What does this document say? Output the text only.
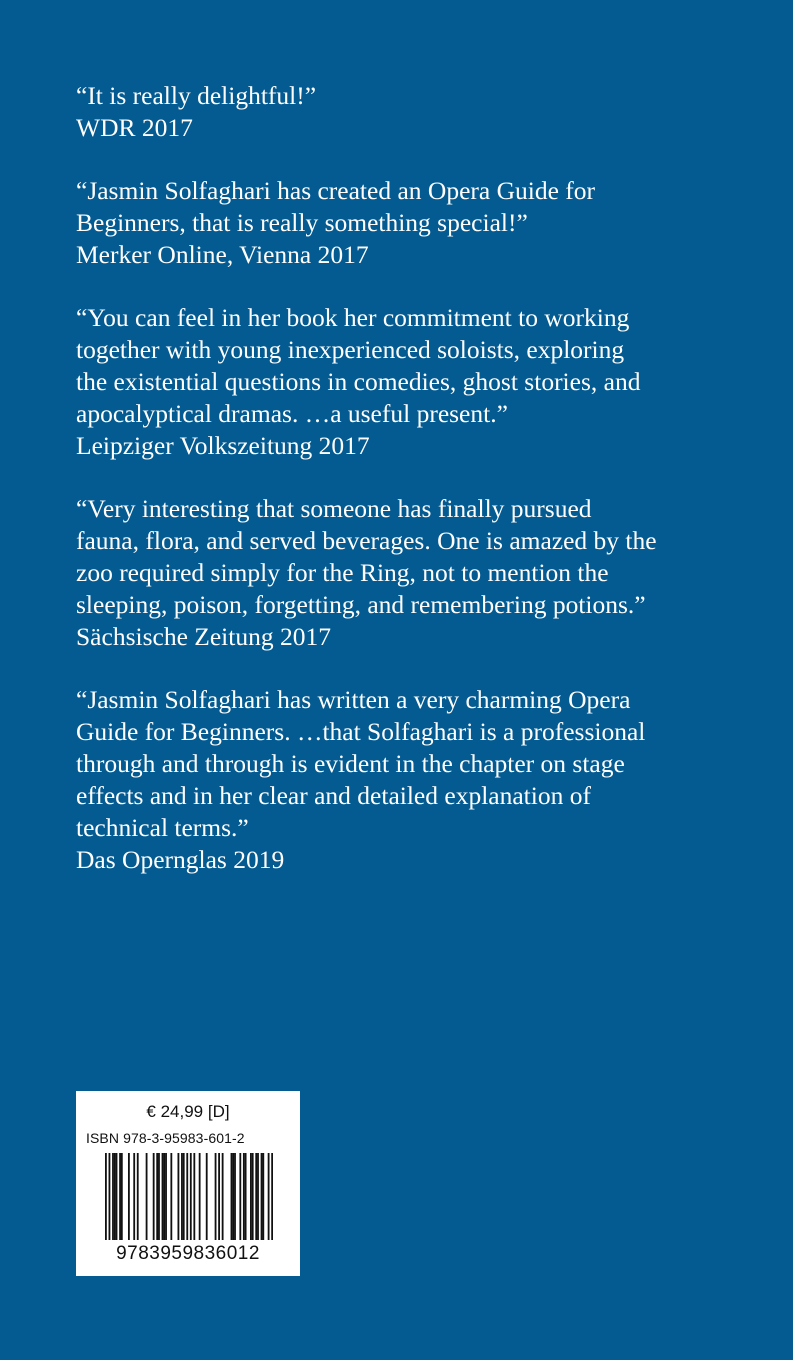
“It is really delightful!”
WDR 2017
“Jasmin Solfaghari has created an Opera Guide for
Beginners, that is really something special!”
Merker Online, Vienna 2017
“You can feel in her book her commitment to working
together with young inexperienced soloists, exploring
the existential questions in comedies, ghost stories, and
apocalyptical dramas. …a useful present.”
Leipziger Volkszeitung 2017
“Very interesting that someone has finally pursued
fauna, flora, and served beverages. One is amazed by the
zoo required simply for the Ring, not to mention the
sleeping, poison, forgetting, and remembering potions.”
Sächsische Zeitung 2017
“Jasmin Solfaghari has written a very charming Opera
Guide for Beginners. …that Solfaghari is a professional
through and through is evident in the chapter on stage
effects and in her clear and detailed explanation of
technical terms.”
Das Opernglas 2019
€ 24,99 [D]
ISBN 978-3-95983-601-2
9783959836012
